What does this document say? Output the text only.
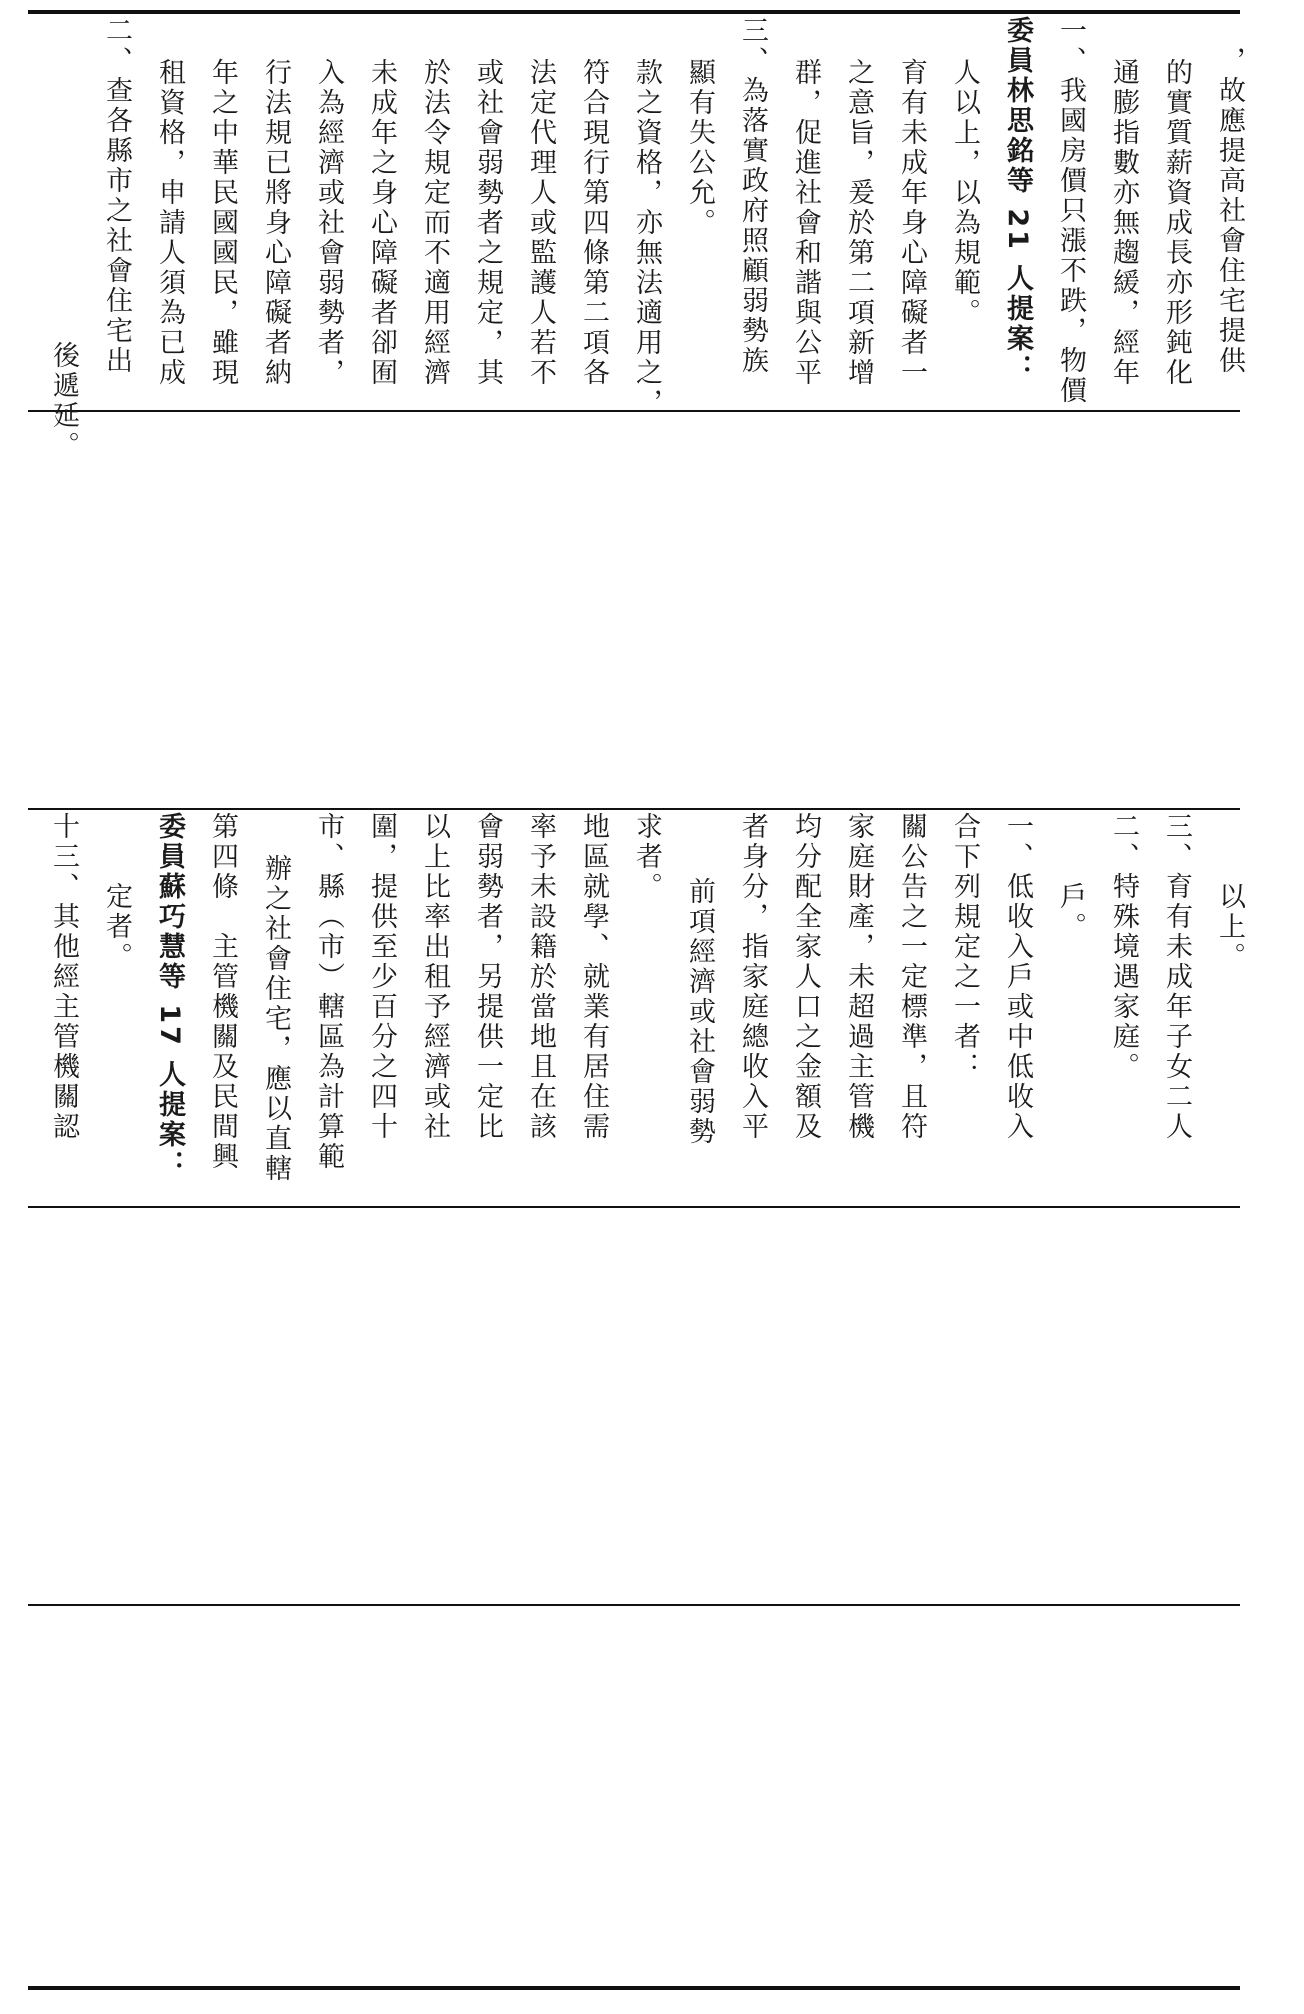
後遞延。
二、查各縣市之社會住宅出 租資格，申請人須為已成 年之中華民國國民，雖現 行法規已將身心障礙者納 入為經濟或社會弱勢者， 未成年之身心障礙者卻囿 於法令規定而不適用經濟 或社會弱勢者之規定，其 法定代理人或監護人若不 符合現行第四條第二項各 款之資格，亦無法適用之， 顯有失公允。 三、為落實政府照顧弱勢族 群，促進社會和諧與公平 之意旨，爰於第二項新增 育有未成年身心障礙者一 人以上，以為規範。 委員林思銘等 21 人提案： 一、我國房價只漲不跌，物價 通膨指數亦無趨緩，經年 的實質薪資成長亦形鈍化 ，故應提高社會住宅提供
十三、其他經主管機關認 定者。 委員蘇巧慧等 17 人提案： 第四條　主管機關及民間興 辦之社會住宅，應以直轄 市、縣（市）轄區為計算範 圍，提供至少百分之四十 以上比率出租予經濟或社 會弱勢者，另提供一定比 率予未設籍於當地且在該 地區就學、就業有居住需 求者。
前項經濟或社會弱勢 者身分，指家庭總收入平 均分配全家人口之金額及 家庭財產，未超過主管機 關公告之一定標準，且符 合下列規定之一者： 一、低收入戶或中低收入 戶。 二、特殊境遇家庭。 三、育有未成年子女二人 以上。
